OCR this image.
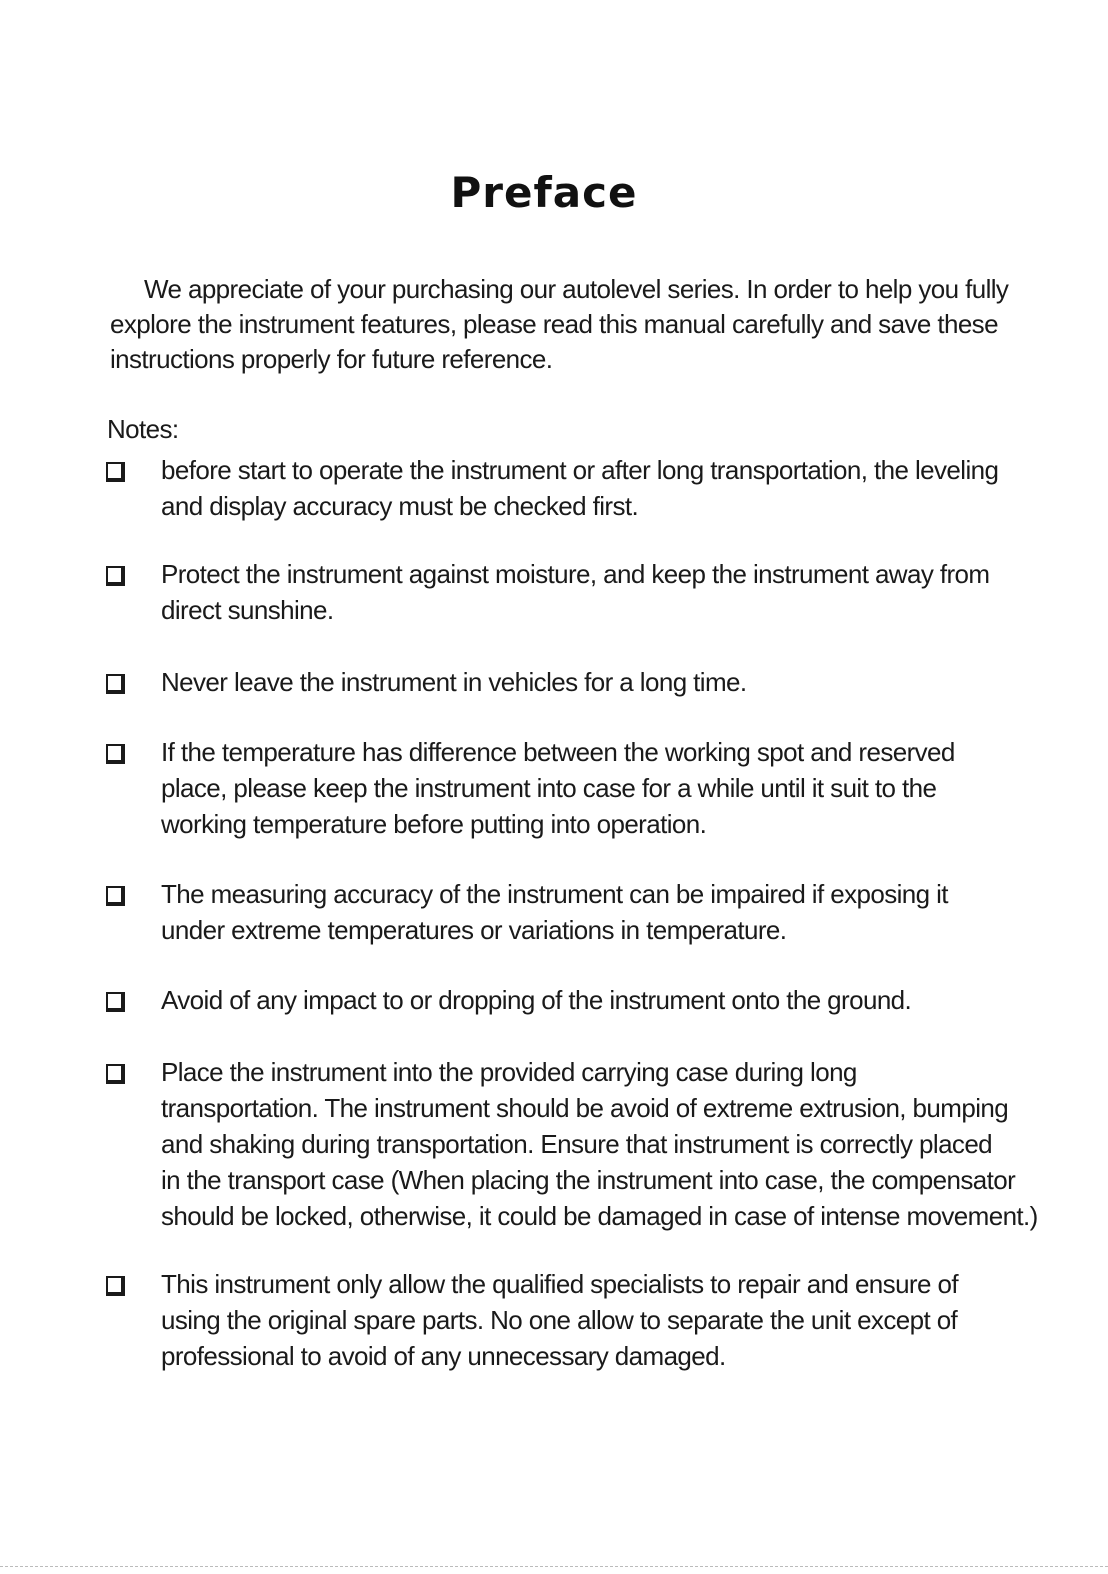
Preface
We appreciate of your purchasing our autolevel series. In order to help you fully
explore the instrument features, please read this manual carefully and save these
instructions properly for future reference.
Notes:
before start to operate the instrument or after long transportation, the leveling
and display accuracy must be checked first.
Protect the instrument against moisture, and keep the instrument away from
direct sunshine.
Never leave the instrument in vehicles for a long time.
If the temperature has difference between the working spot and reserved
place, please keep the instrument into case for a while until it suit to the
working temperature before putting into operation.
The measuring accuracy of the instrument can be impaired if exposing it
under extreme temperatures or variations in temperature.
Avoid of any impact to or dropping of the instrument onto the ground.
Place the instrument into the provided carrying case during long
transportation. The instrument should be avoid of extreme extrusion, bumping
and shaking during transportation. Ensure that instrument is correctly placed
in the transport case (When placing the instrument into case, the compensator
should be locked, otherwise, it could be damaged in case of intense movement.)
This instrument only allow the qualified specialists to repair and ensure of
using the original spare parts. No one allow to separate the unit except of
professional to avoid of any unnecessary damaged.
